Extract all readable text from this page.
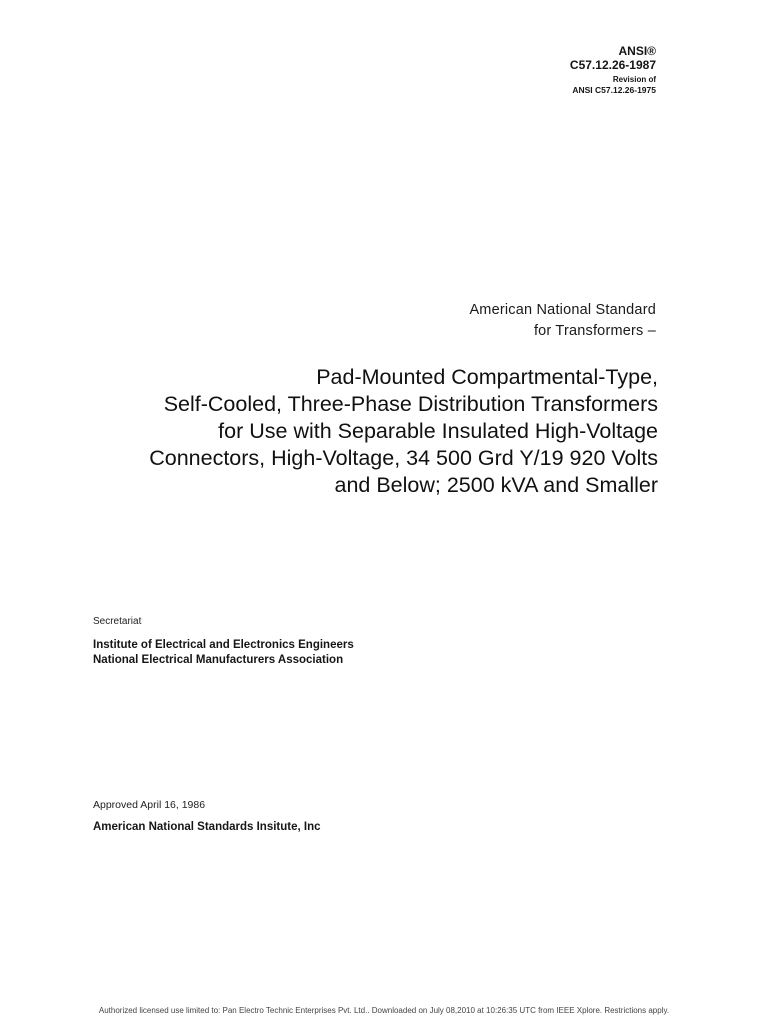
ANSI®
C57.12.26-1987
Revision of
ANSI C57.12.26-1975
American National Standard
for Transformers –
Pad-Mounted Compartmental-Type,
Self-Cooled, Three-Phase Distribution Transformers
for Use with Separable Insulated High-Voltage
Connectors, High-Voltage, 34 500 Grd Y/19 920 Volts
and Below; 2500 kVA and Smaller
Secretariat
Institute of Electrical and Electronics Engineers
National Electrical Manufacturers Association
Approved April 16, 1986
American National Standards Insitute, Inc
Authorized licensed use limited to: Pan Electro Technic Enterprises Pvt. Ltd.. Downloaded on July 08,2010 at 10:26:35 UTC from IEEE Xplore. Restrictions apply.
